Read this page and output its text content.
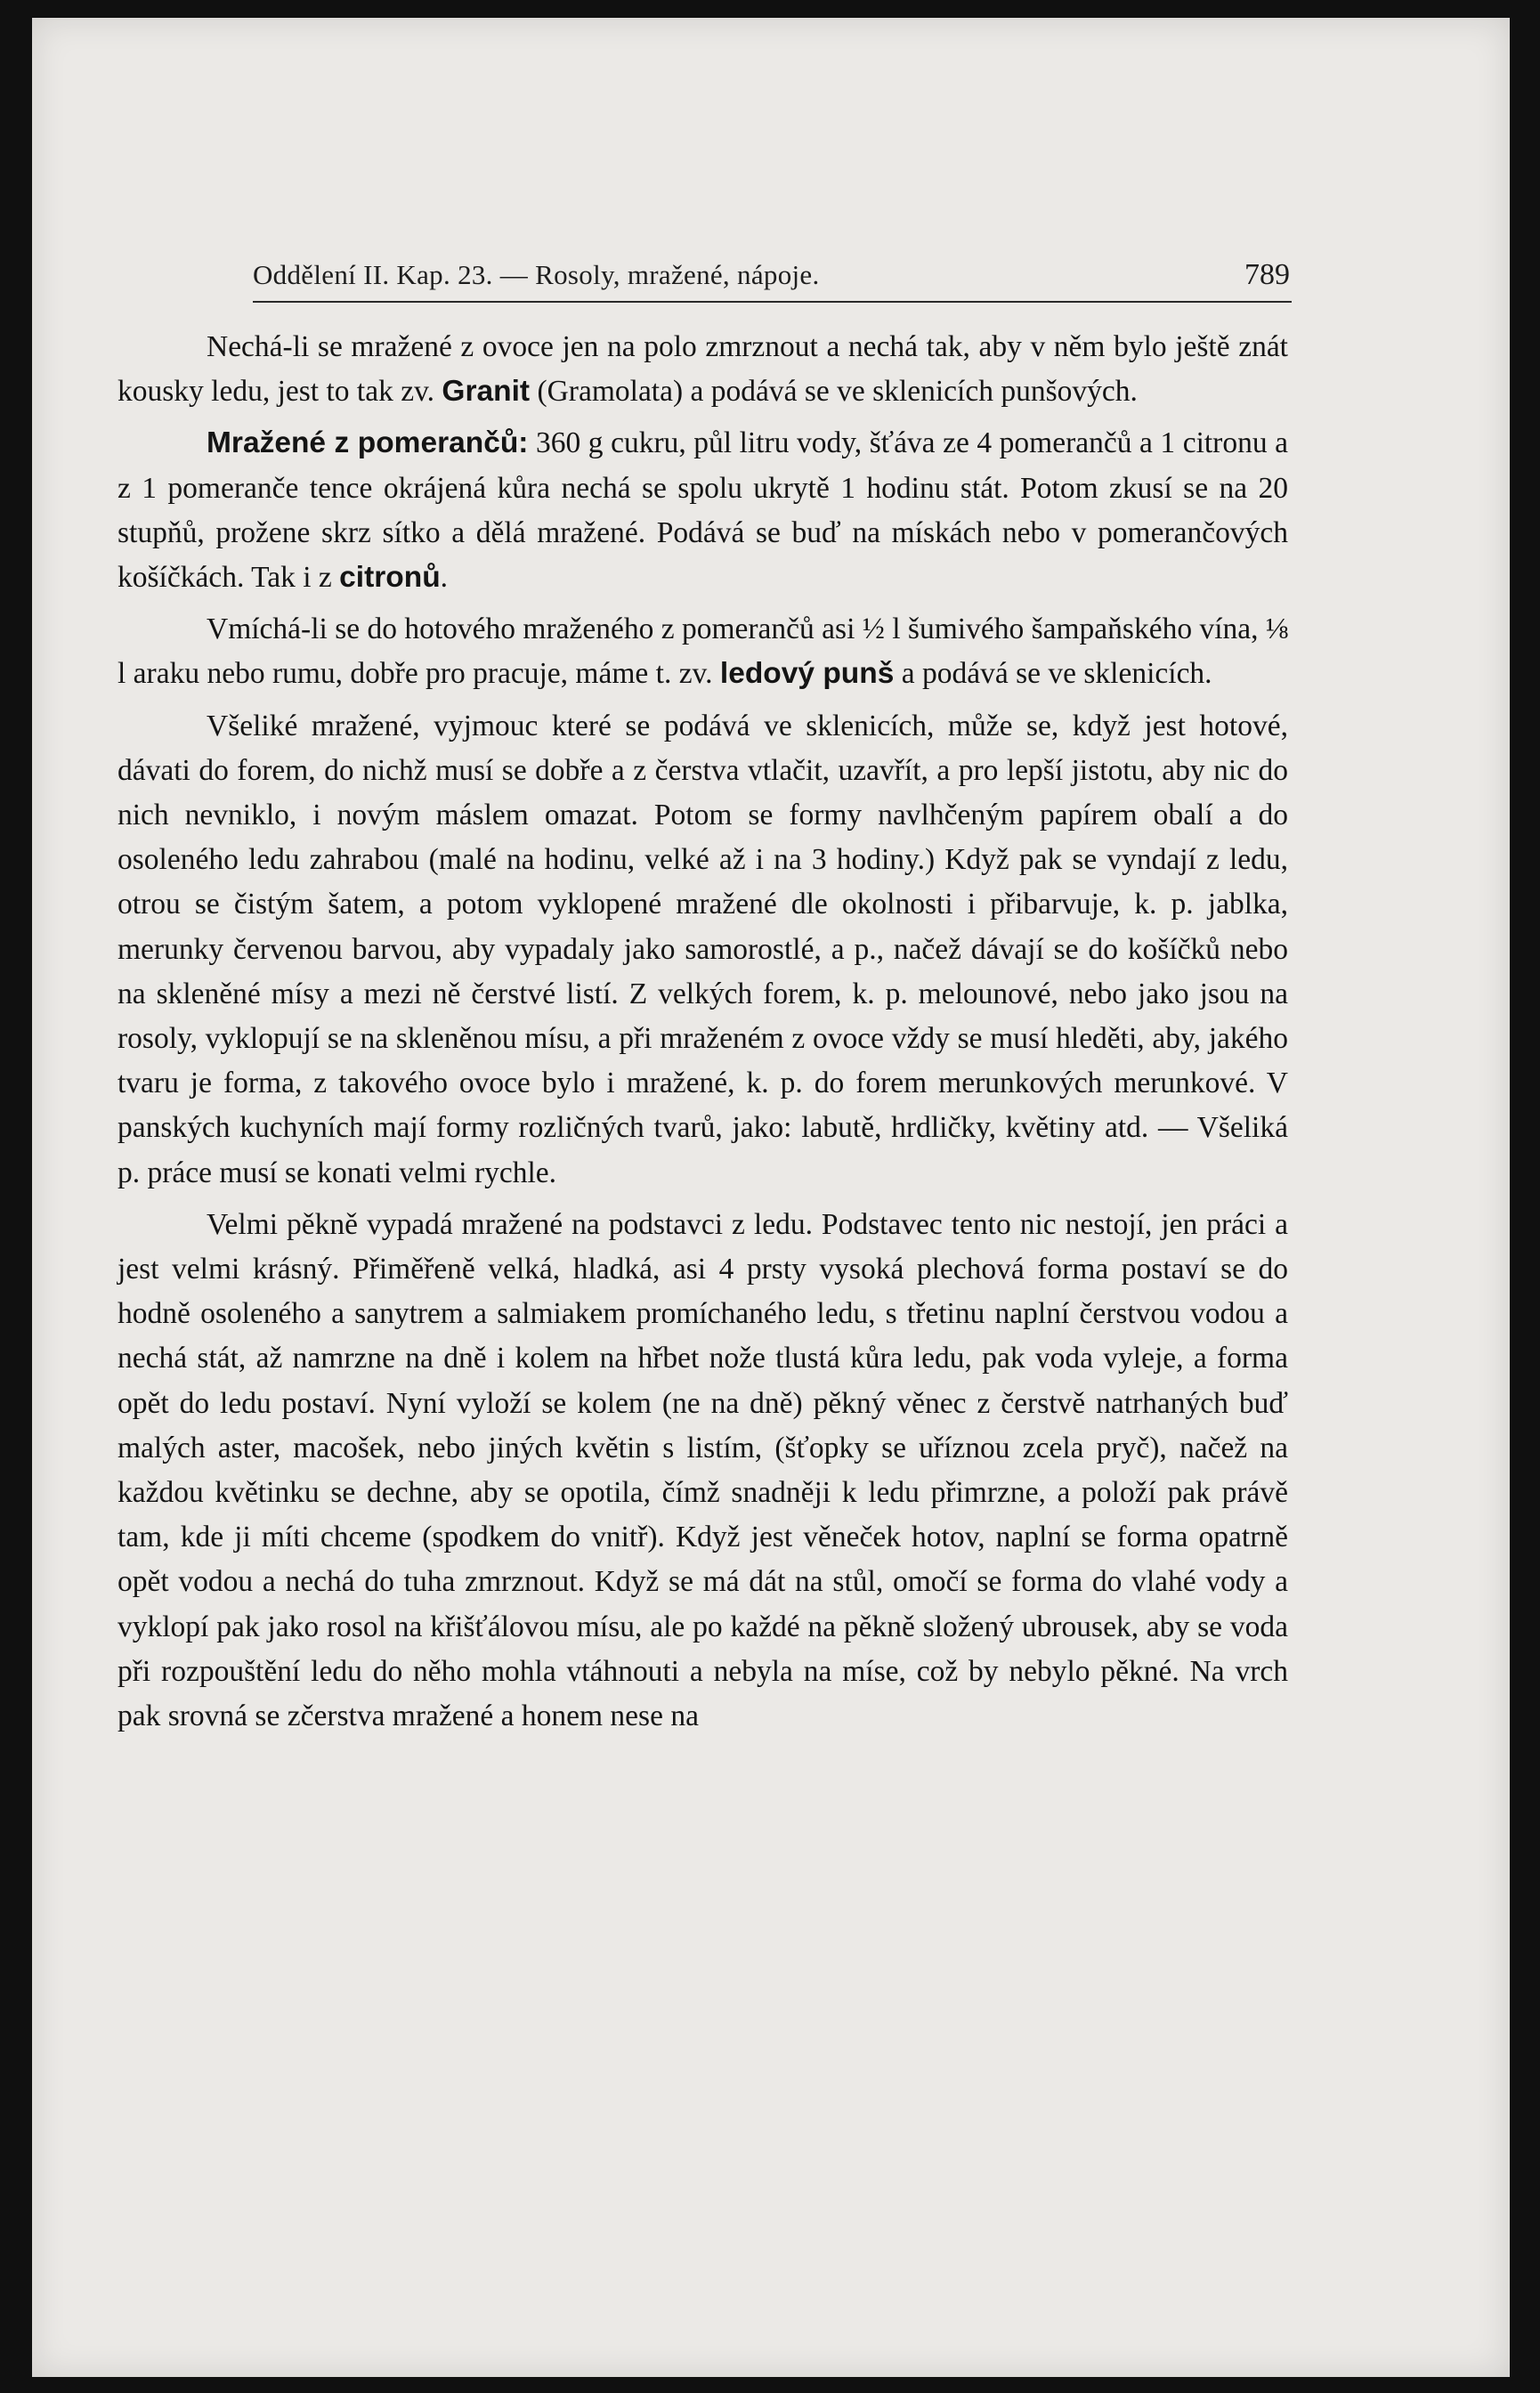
Oddělení II. Kap. 23. — Rosoly, mražené, nápoje.	789

Nechá-li se mražené z ovoce jen na polo zmrznout a nechá tak, aby v něm bylo ještě znát kousky ledu, jest to tak zv. Granit (Gramolata) a podává se ve sklenicích punšových.

Mražené z pomerančů: 360 g cukru, půl litru vody, šťáva ze 4 pomerančů a 1 citronu a z 1 pomeranče tence okrájená kůra nechá se spolu ukrytě 1 hodinu stát. Potom zkusí se na 20 stupňů, prožene skrz sítko a dělá mražené. Podává se buď na mískách nebo v pomerančových košíčkách. Tak i z citronů.

Vmíchá-li se do hotového mraženého z pomerančů asi ½ l šumivého šampaňského vína, ⅛ l araku nebo rumu, dobře pro pracuje, máme t. zv. ledový punš a podává se ve sklenicích.

Všeliké mražené, vyjmouc které se podává ve sklenicích, může se, když jest hotové, dávati do forem, do nichž musí se dobře a z čerstva vtlačit, uzavřít, a pro lepší jistotu, aby nic do nich nevniklo, i novým máslem omazat. Potom se formy navlhčeným papírem obalí a do osoleného ledu zahrabou (malé na hodinu, velké až i na 3 hodiny.) Když pak se vyndají z ledu, otrou se čistým šatem, a potom vyklopené mražené dle okolnosti i přibarvuje, k. p. jablka, merunky červenou barvou, aby vypadaly jako samorostlé, a p., načež dávají se do košíčků nebo na skleněné mísy a mezi ně čerstvé listí. Z velkých forem, k. p. melounové, nebo jako jsou na rosoly, vyklopují se na skleněnou mísu, a při mraženém z ovoce vždy se musí hleděti, aby, jakého tvaru je forma, z takového ovoce bylo i mražené, k. p. do forem merunkových merunkové. V panských kuchyních mají formy rozličných tvarů, jako: labutě, hrdličky, květiny atd. — Všeliká p. práce musí se konati velmi rychle.

Velmi pěkně vypadá mražené na podstavci z ledu. Podstavec tento nic nestojí, jen práci a jest velmi krásný. Přiměřeně velká, hladká, asi 4 prsty vysoká plechová forma postaví se do hodně osoleného a sanytrem a salmiakem promíchaného ledu, s třetinu naplní čerstvou vodou a nechá stát, až namrzne na dně i kolem na hřbet nože tlustá kůra ledu, pak voda vyleje, a forma opět do ledu postaví. Nyní vyloží se kolem (ne na dně) pěkný věnec z čerstvě natrhaných buď malých aster, macošek, nebo jiných květin s listím, (šťopky se uříznou zcela pryč), načež na každou květinku se dechne, aby se opotila, čímž snadněji k ledu přimrzne, a položí pak právě tam, kde ji míti chceme (spodkem do vnitř). Když jest věneček hotov, naplní se forma opatrně opět vodou a nechá do tuha zmrznout. Když se má dát na stůl, omočí se forma do vlahé vody a vyklopí pak jako rosol na křišťálovou mísu, ale po každé na pěkně složený ubrousek, aby se voda při rozpouštění ledu do něho mohla vtáhnouti a nebyla na míse, což by nebylo pěkné. Na vrch pak srovná se zčerstva mražené a honem nese na
